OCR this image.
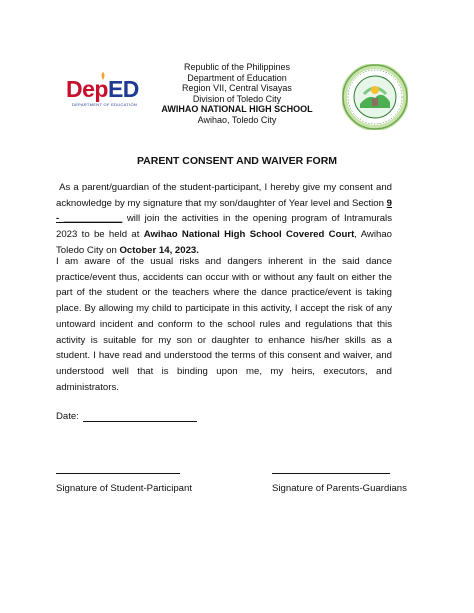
DepED
DEPARTMENT OF EDUCATION
Republic of the Philippines
Department of Education
Region VII, Central Visayas
Division of Toledo City
AWIHAO NATIONAL HIGH SCHOOL
Awihao, Toledo City
PARENT CONSENT AND WAIVER FORM
As a parent/guardian of the student-participant, I hereby give my consent and acknowledge by my signature that my son/daughter of Year level and Section 9 - ___________ will join the activities in the opening program of Intramurals 2023 to be held at Awihao National High School Covered Court, Awihao Toledo City on October 14, 2023.
I am aware of the usual risks and dangers inherent in the said dance practice/event thus, accidents can occur with or without any fault on either the part of the student or the teachers where the dance practice/event is taking place. By allowing my child to participate in this activity, I accept the risk of any untoward incident and conform to the school rules and regulations that this activity is suitable for my son or daughter to enhance his/her skills as a student. I have read and understood the terms of this consent and waiver, and understood well that is binding upon me, my heirs, executors, and administrators.
Date:
Signature of Student-Participant	Signature of Parents-Guardians
